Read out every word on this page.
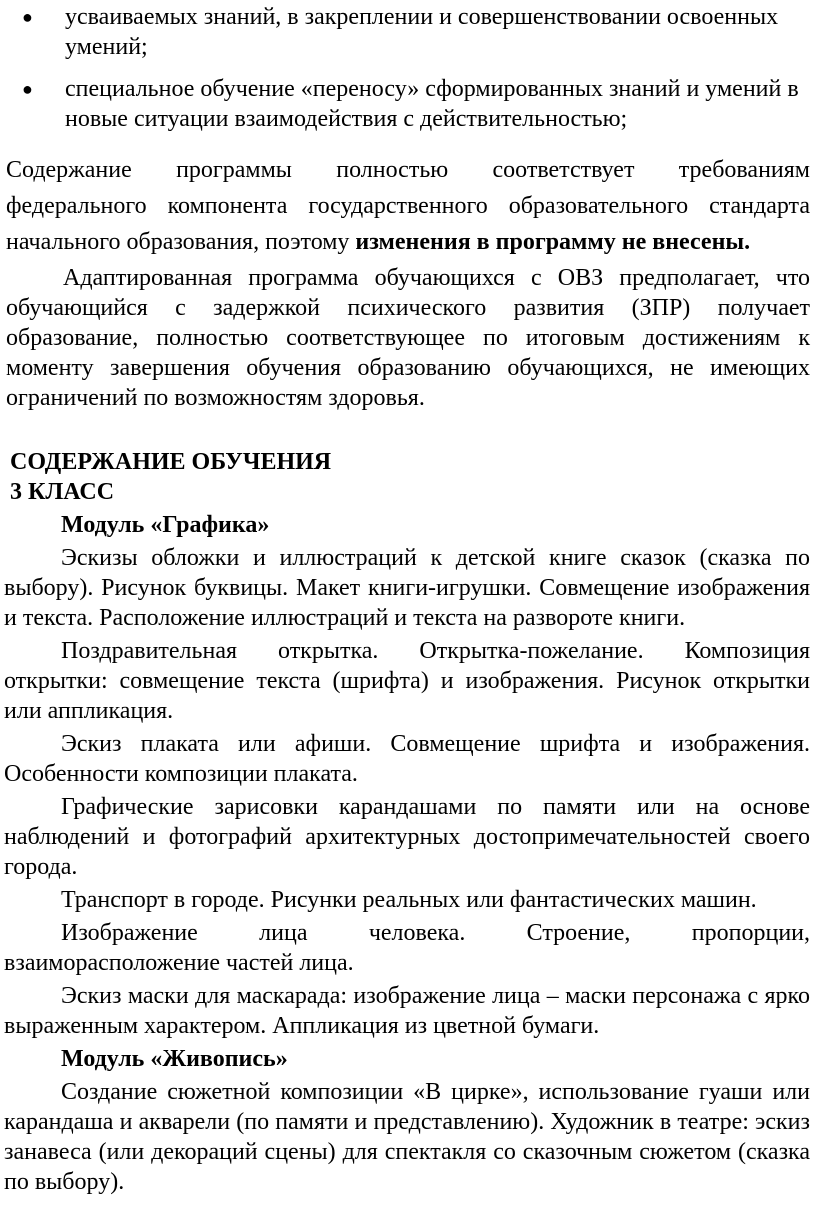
● усваиваемых знаний, в закреплении и совершенствовании освоенных умений;
● специальное обучение «переносу» сформированных знаний и умений в новые ситуации взаимодействия с действительностью;

Содержание программы полностью соответствует требованиям

федерального компонента государственного образовательного стандарта

начального образования, поэтому изменения в программу не внесены.

Адаптированная программа обучающихся с ОВЗ предполагает, что обучающийся с задержкой психического развития (ЗПР) получает образование, полностью соответствующее по итоговым достижениям к моменту завершения обучения образованию обучающихся, не имеющих ограничений по возможностям здоровья.

СОДЕРЖАНИЕ ОБУЧЕНИЯ

3 КЛАСС

Модуль «Графика»

Эскизы обложки и иллюстраций к детской книге сказок (сказка по выбору). Рисунок буквицы. Макет книги-игрушки. Совмещение изображения и текста. Расположение иллюстраций и текста на развороте книги.

Поздравительная открытка. Открытка-пожелание. Композиция открытки: совмещение текста (шрифта) и изображения. Рисунок открытки или аппликация.

Эскиз плаката или афиши. Совмещение шрифта и изображения. Особенности композиции плаката.

Графические зарисовки карандашами по памяти или на основе наблюдений и фотографий архитектурных достопримечательностей своего города.

Транспорт в городе. Рисунки реальных или фантастических машин.

Изображение лица человека. Строение, пропорции, взаиморасположение частей лица.

Эскиз маски для маскарада: изображение лица – маски персонажа с ярко выраженным характером. Аппликация из цветной бумаги.

Модуль «Живопись»

Создание сюжетной композиции «В цирке», использование гуаши или карандаша и акварели (по памяти и представлению). Художник в театре: эскиз занавеса (или декораций сцены) для спектакля со сказочным сюжетом (сказка по выбору).
